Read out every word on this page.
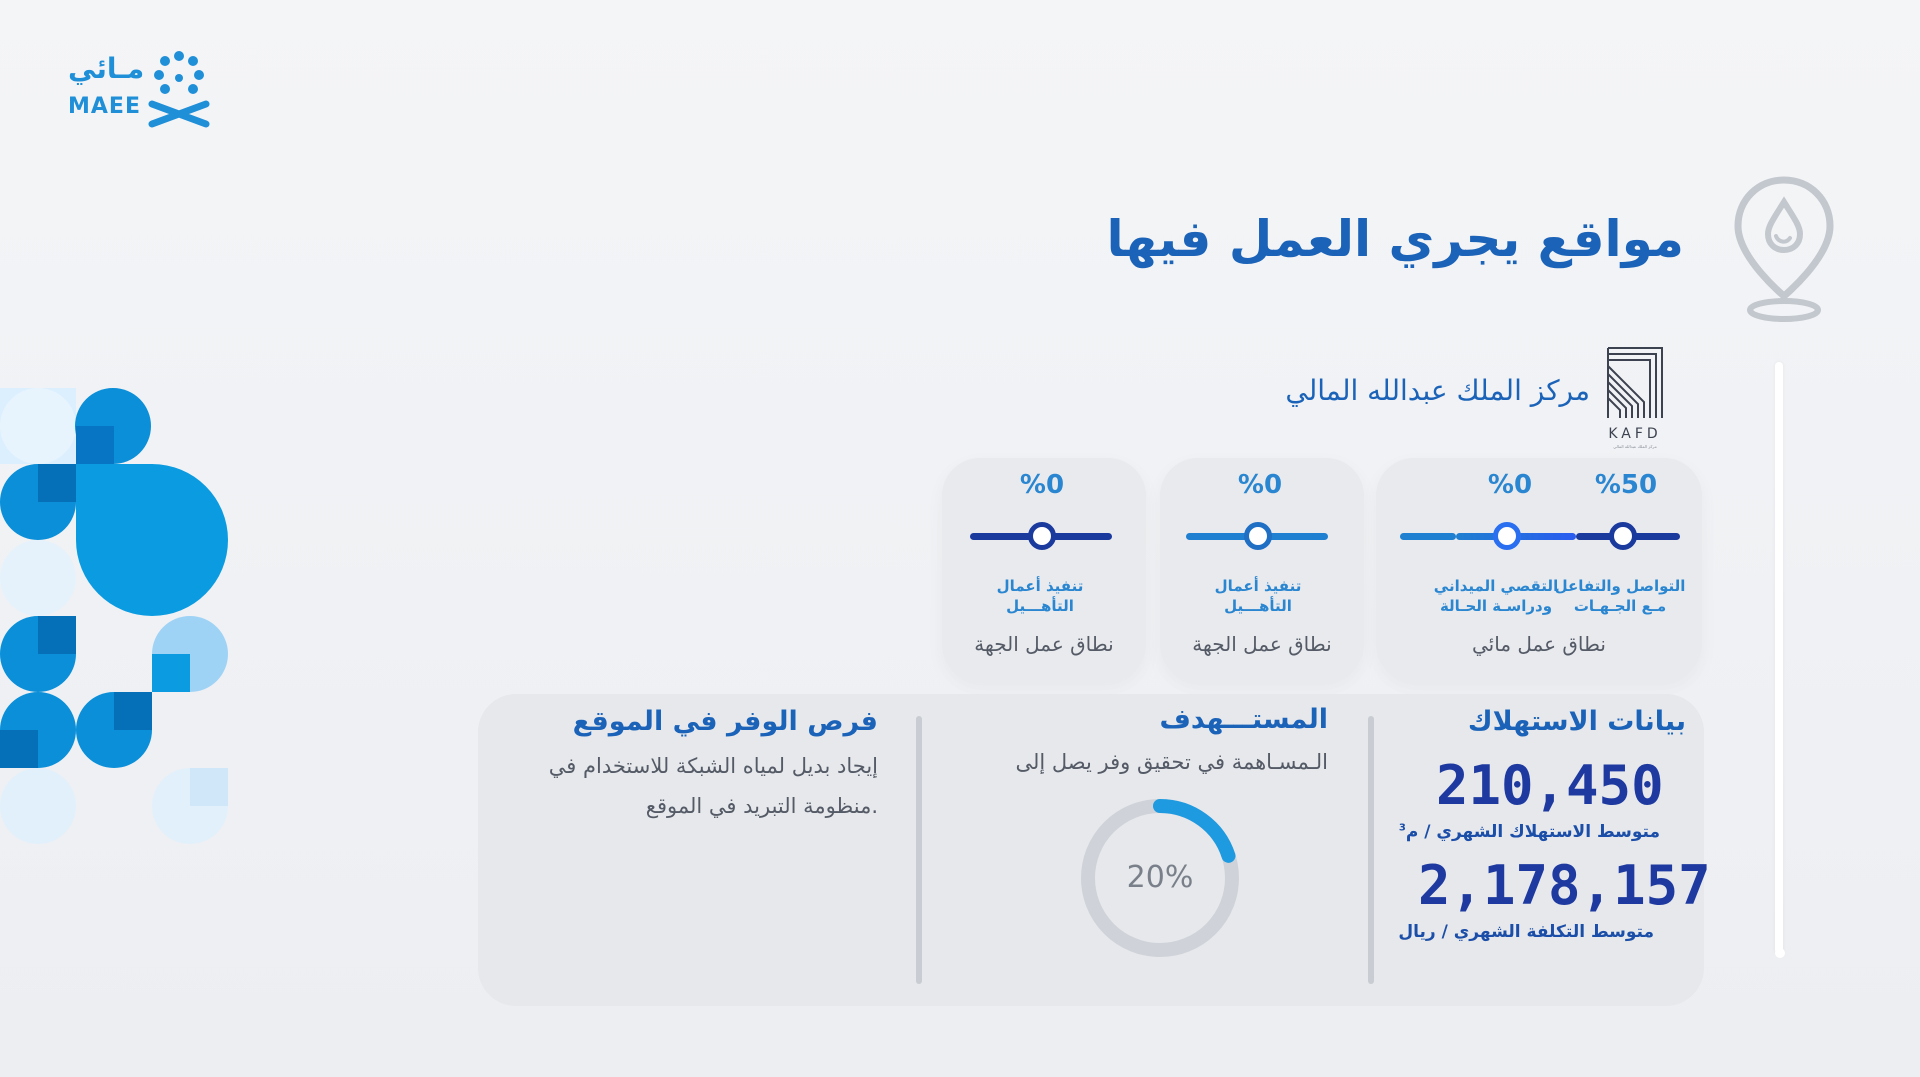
مـائي
MAEE
مواقع يجري العمل فيها
مركز الملك عبدالله المالي
KAFD
مركز الملك عبدالله المالي
%50
%0
التواصل والتفاعل
مـع الجـهـات
التقصي الميداني
ودراسـة الحـالة
نطاق عمل مائي
%0
تنفيذ أعمال
التأهـــيل
نطاق عمل الجهة
%0
تنفيذ أعمال
التأهـــيل
نطاق عمل الجهة
بيانات الاستهلاك
210,450
متوسط الاستهلاك الشهري / م$^3$
2,178,157
متوسط التكلفة الشهري / ريال
المستـــهدف
الـمسـاهمة في تحقيق وفر يصل إلى
20%
فرص الوفر في الموقع
إيجاد بديل لمياه الشبكة للاستخدام في
.منظومة التبريد في الموقع
